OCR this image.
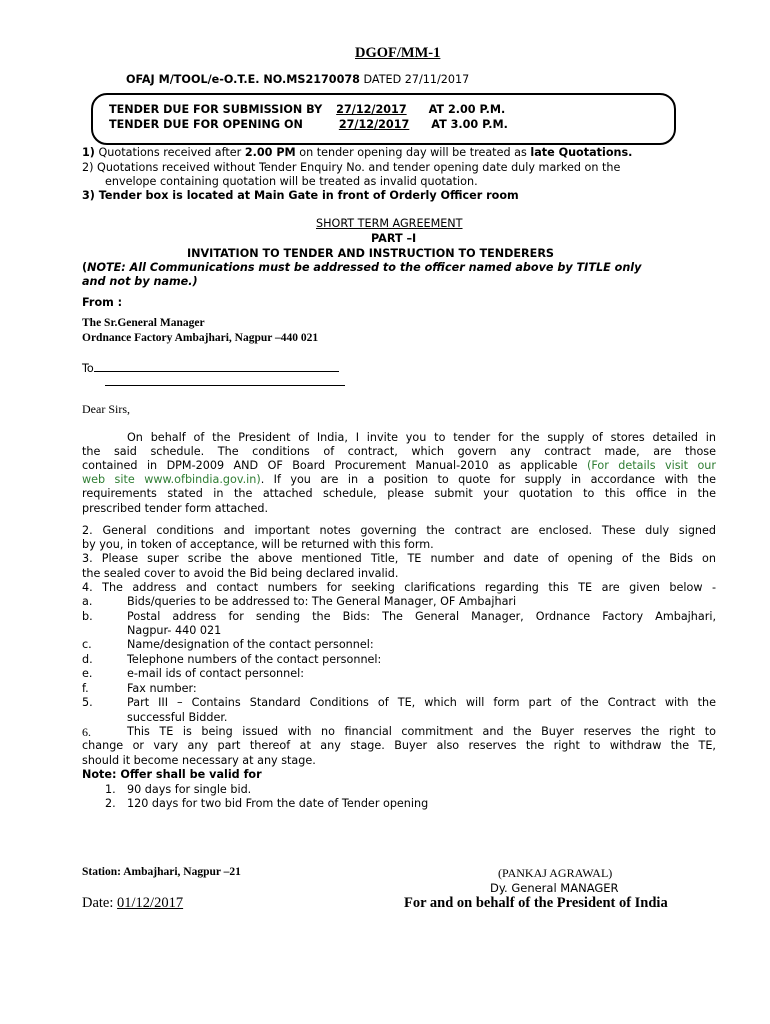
DGOF/MM-1
OFAJ M/TOOL/e-O.T.E. NO.MS2170078 DATED 27/11/2017
TENDER DUE FOR SUBMISSION BY 27/12/2017 AT 2.00 P.M.
TENDER DUE FOR OPENING ON	27/12/2017 AT 3.00 P.M.
1) Quotations received after 2.00 PM on tender opening day will be treated as late Quotations.
2) Quotations received without Tender Enquiry No. and tender opening date duly marked on the
envelope containing quotation will be treated as invalid quotation.
3) Tender box is located at Main Gate in front of Orderly Officer room
SHORT TERM AGREEMENT
PART –I
INVITATION TO TENDER AND INSTRUCTION TO TENDERERS
(NOTE: All Communications must be addressed to the officer named above by TITLE only
and not by name.)
From :
The Sr.General Manager
Ordnance Factory Ambajhari, Nagpur –440 021
To
Dear Sirs,
On behalf of the President of India, I invite you to tender for the supply of stores detailed in
the said schedule. The conditions of contract, which govern any contract made, are those
contained in DPM-2009 AND OF Board Procurement Manual-2010 as applicable (For details visit our
web site www.ofbindia.gov.in). If you are in a position to quote for supply in accordance with the
requirements stated in the attached schedule, please submit your quotation to this office in the
prescribed tender form attached.
2. General conditions and important notes governing the contract are enclosed. These duly signed
by you, in token of acceptance, will be returned with this form.
3. Please super scribe the above mentioned Title, TE number and date of opening of the Bids on
the sealed cover to avoid the Bid being declared invalid.
4. The address and contact numbers for seeking clarifications regarding this TE are given below -
a.	Bids/queries to be addressed to: The General Manager, OF Ambajhari
b.	Postal address for sending the Bids: The General Manager, Ordnance Factory Ambajhari,
Nagpur- 440 021
c.	Name/designation of the contact personnel:
d.	Telephone numbers of the contact personnel:
e.	e-mail ids of contact personnel:
f.	Fax number:
5.	Part III – Contains Standard Conditions of TE, which will form part of the Contract with the
successful Bidder.
6.	This TE is being issued with no financial commitment and the Buyer reserves the right to
change or vary any part thereof at any stage. Buyer also reserves the right to withdraw the TE,
should it become necessary at any stage.
Note: Offer shall be valid for
1. 90 days for single bid.
2. 120 days for two bid From the date of Tender opening
Station: Ambajhari, Nagpur –21
Date: 01/12/2017
(PANKAJ AGRAWAL)
Dy. General MANAGER
For and on behalf of the President of India
